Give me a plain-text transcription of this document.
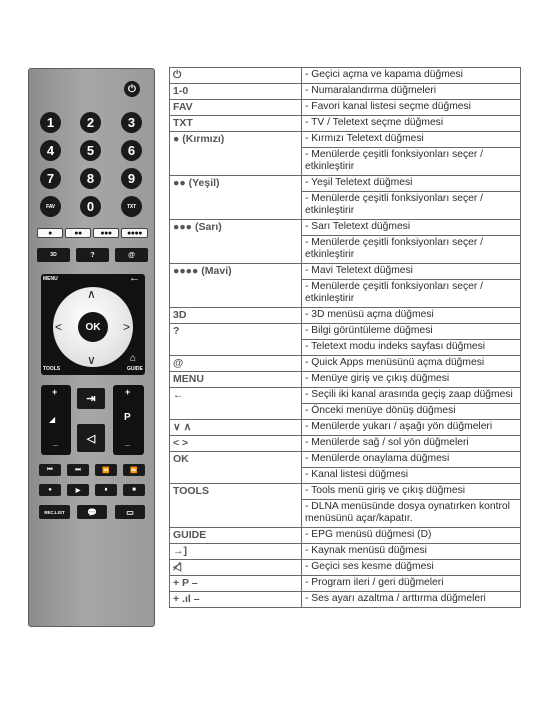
⏻
1	2	3
4	5	6
7	8	9
FAV	0	TXT
●	●●	●●●	●●●●
3D	?	@
MENU	←
TOOLS	GUIDE
⌂
∧
∨
<	>
OK
+
◢
_
⇥
◁
+
P
_
⏮	⏭	⏪	⏩
●	▶	⏸	■
REC.LIST	💬	▭
⏻	- Geçici açma ve kapama düğmesi
1-0	- Numaralandırma düğmeleri
FAV	- Favori kanal listesi seçme düğmesi
TXT	- TV / Teletext seçme düğmesi
● (Kırmızı)	- Kırmızı Teletext düğmesi
	- Menülerde çeşitli fonksiyonları seçer / etkinleştirir
●● (Yeşil)	- Yeşil Teletext düğmesi
	- Menülerde çeşitli fonksiyonları seçer / etkinleştirir
●●● (Sarı)	- Sarı Teletext düğmesi
	- Menülerde çeşitli fonksiyonları seçer / etkinleştirir
●●●● (Mavi)	- Mavi Teletext düğmesi
	- Menülerde çeşitli fonksiyonları seçer / etkinleştirir
3D	- 3D menüsü açma düğmesi
?	- Bilgi görüntüleme düğmesi
	- Teletext modu indeks sayfası düğmesi
@	- Quick Apps menüsünü açma düğmesi
MENU	- Menüye giriş ve çıkış düğmesi
←	- Seçili iki kanal arasında geçiş zaap düğmesi
	- Önceki menüye dönüş düğmesi
∨ ∧	- Menülerde yukarı / aşağı yön düğmeleri
< >	- Menülerde sağ / sol yön düğmeleri
OK	- Menülerde onaylama düğmesi
	- Kanal listesi düğmesi
TOOLS	- Tools menü giriş ve çıkış düğmesi
	- DLNA menüsünde dosya oynatırken kontrol menüsünü açar/kapatır.
GUIDE	- EPG menüsü düğmesi (D)
→]	- Kaynak menüsü düğmesi
◁̸	- Geçici ses kesme düğmesi
+ P –	- Program ileri / geri düğmeleri
+ .ıl –	- Ses ayarı azaltma / arttırma düğmeleri
